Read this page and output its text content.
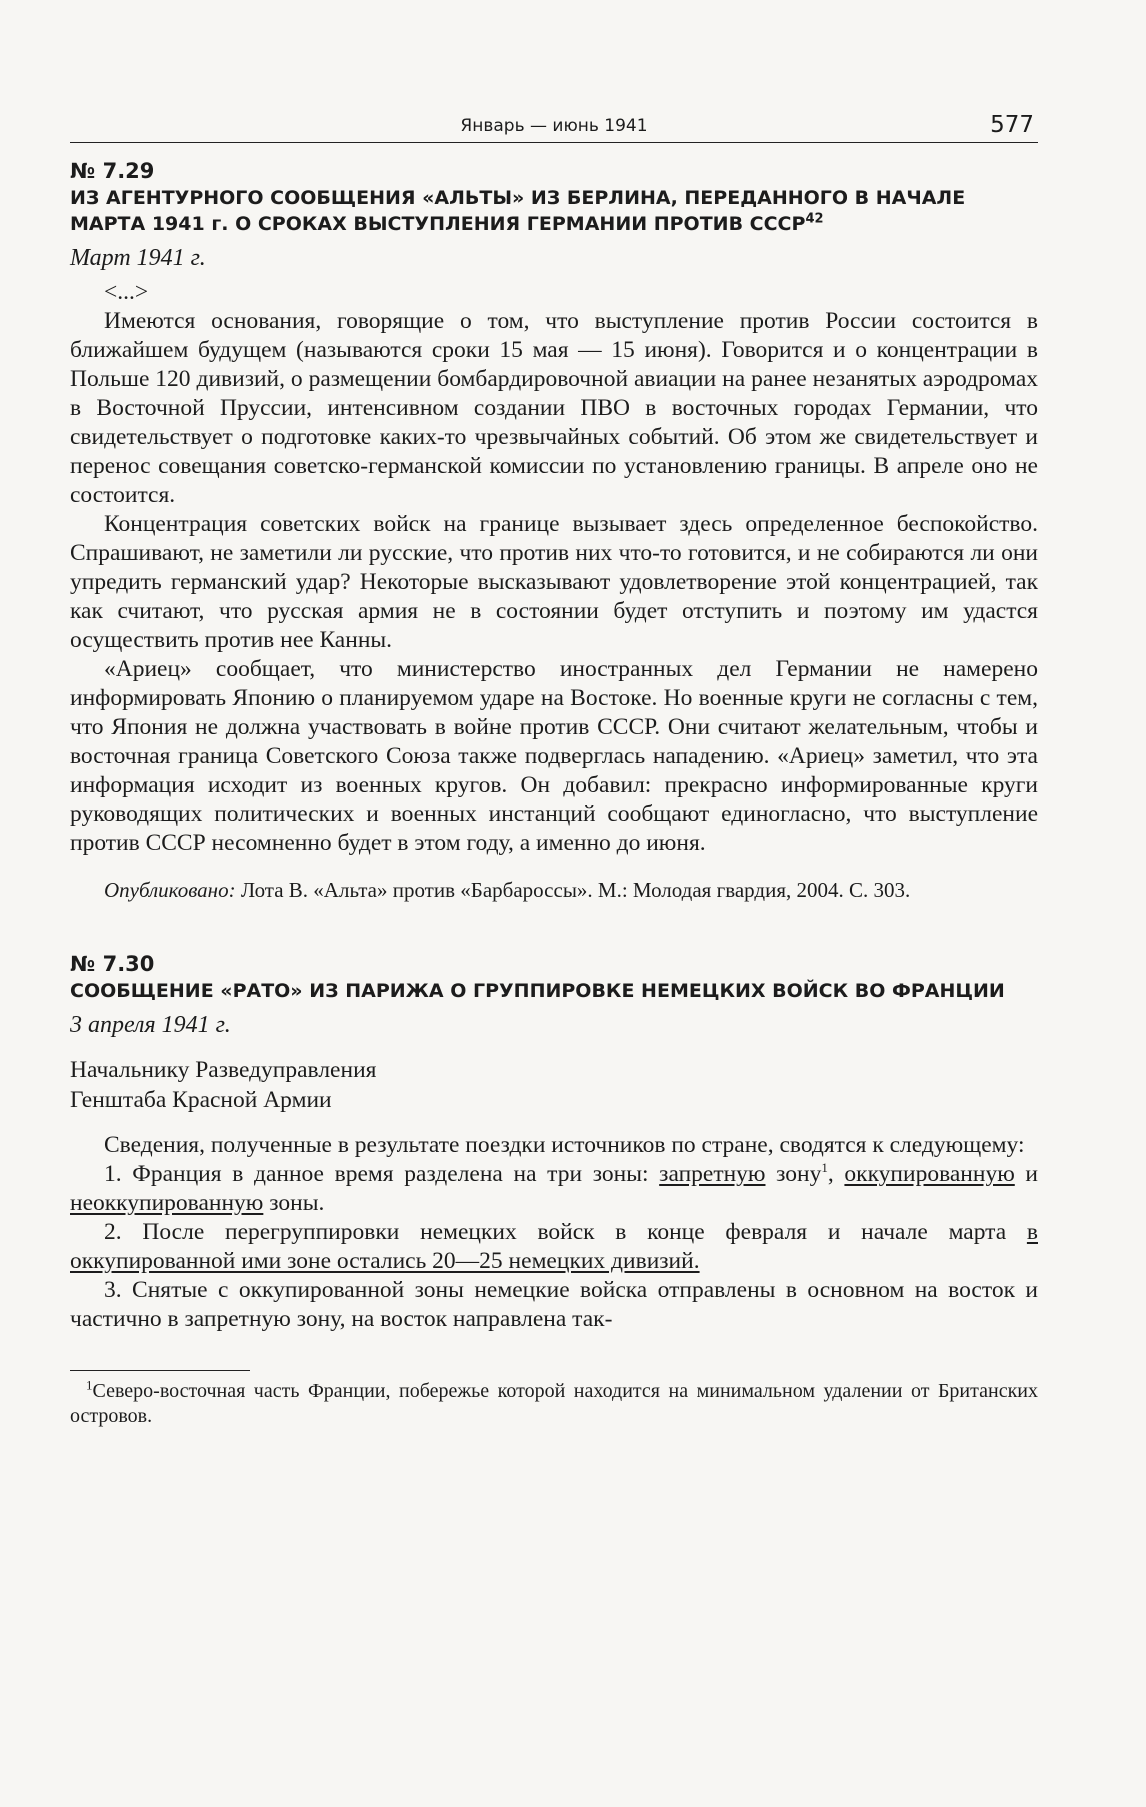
Январь — июнь 1941	577
№ 7.29
ИЗ АГЕНТУРНОГО СООБЩЕНИЯ «АЛЬТЫ» ИЗ БЕРЛИНА, ПЕРЕДАННОГО В НАЧАЛЕ МАРТА 1941 г. О СРОКАХ ВЫСТУПЛЕНИЯ ГЕРМАНИИ ПРОТИВ СССР$^{42}$
Март 1941 г.

<...>

Имеются основания, говорящие о том, что выступление против России состоится в ближайшем будущем (называются сроки 15 мая — 15 июня). Говорится и о концентрации в Польше 120 дивизий, о размещении бомбардировочной авиации на ранее незанятых аэродромах в Восточной Пруссии, интенсивном создании ПВО в восточных городах Германии, что свидетельствует о подготовке каких-то чрезвычайных событий. Об этом же свидетельствует и перенос совещания советско-германской комиссии по установлению границы. В апреле оно не состоится.

Концентрация советских войск на границе вызывает здесь определенное беспокойство. Спрашивают, не заметили ли русские, что против них что-то готовится, и не собираются ли они упредить германский удар? Некоторые высказывают удовлетворение этой концентрацией, так как считают, что русская армия не в состоянии будет отступить и поэтому им удастся осуществить против нее Канны.

«Ариец» сообщает, что министерство иностранных дел Германии не намерено информировать Японию о планируемом ударе на Востоке. Но военные круги не согласны с тем, что Япония не должна участвовать в войне против СССР. Они считают желательным, чтобы и восточная граница Советского Союза также подверглась нападению. «Ариец» заметил, что эта информация исходит из военных кругов. Он добавил: прекрасно информированные круги руководящих политических и военных инстанций сообщают единогласно, что выступление против СССР несомненно будет в этом году, а именно до июня.

Опубликовано: Лота В. «Альта» против «Барбароссы». М.: Молодая гвардия, 2004. С. 303.

№ 7.30
СООБЩЕНИЕ «РАТО» ИЗ ПАРИЖА О ГРУППИРОВКЕ НЕМЕЦКИХ ВОЙСК ВО ФРАНЦИИ
3 апреля 1941 г.
Начальнику Разведуправления
Генштаба Красной Армии

Сведения, полученные в результате поездки источников по стране, сводятся к следующему:

1. Франция в данное время разделена на три зоны: запретную зону$^1$, оккупированную и неоккупированную зоны.

2. После перегруппировки немецких войск в конце февраля и начале марта в оккупированной ими зоне остались 20—25 немецких дивизий.

3. Снятые с оккупированной зоны немецкие войска отправлены в основном на восток и частично в запретную зону, на восток направлена так-

$^1$Северо-восточная часть Франции, побережье которой находится на минимальном удалении от Британских островов.
